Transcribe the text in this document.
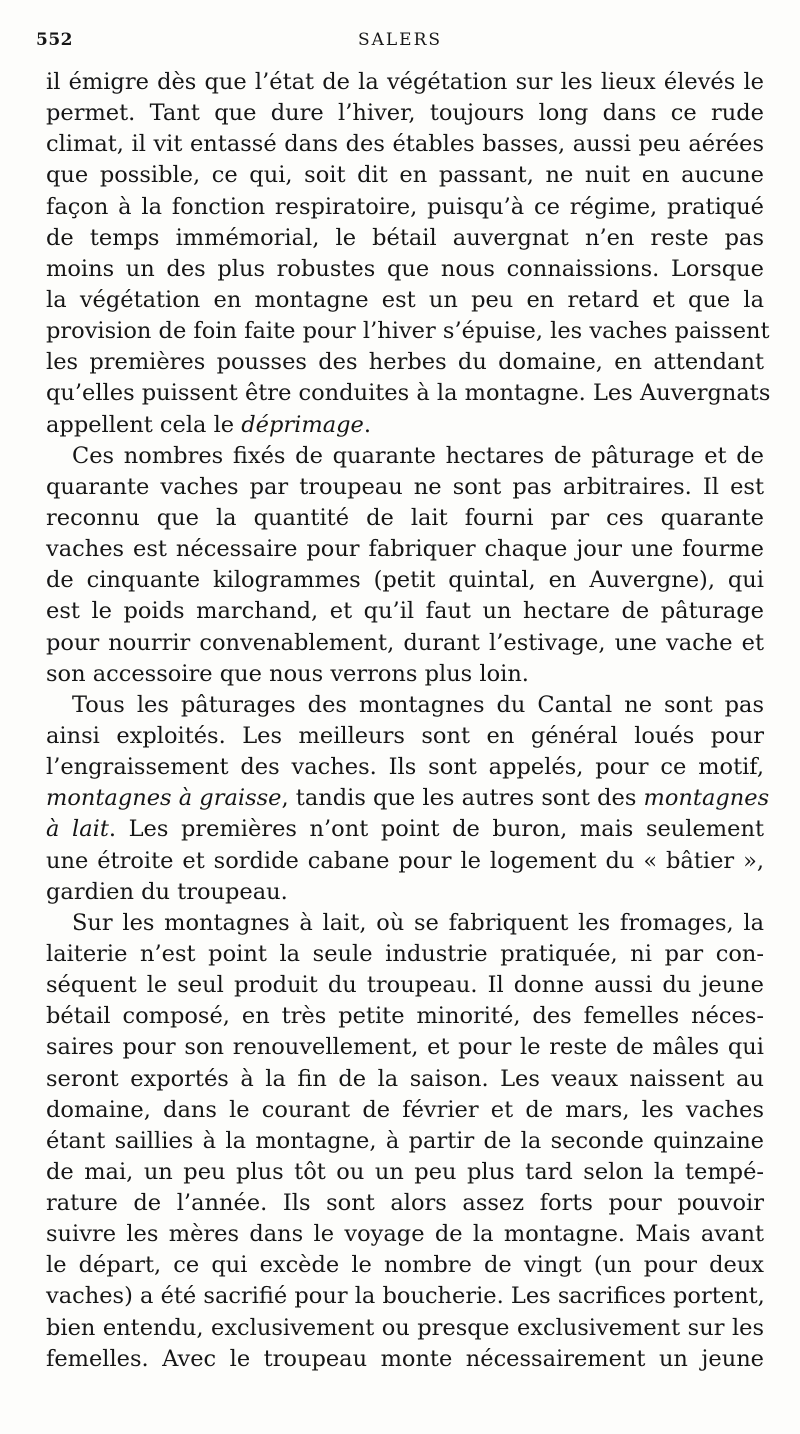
552	SALERS
il émigre dès que l’état de la végétation sur les lieux élevés le
permet. Tant que dure l’hiver, toujours long dans ce rude
climat, il vit entassé dans des étables basses, aussi peu aérées
que possible, ce qui, soit dit en passant, ne nuit en aucune
façon à la fonction respiratoire, puisqu’à ce régime, pratiqué
de temps immémorial, le bétail auvergnat n’en reste pas
moins un des plus robustes que nous connaissions. Lorsque
la végétation en montagne est un peu en retard et que la
provision de foin faite pour l’hiver s’épuise, les vaches paissent
les premières pousses des herbes du domaine, en attendant
qu’elles puissent être conduites à la montagne. Les Auvergnats
appellent cela le déprimage.
Ces nombres fixés de quarante hectares de pâturage et de
quarante vaches par troupeau ne sont pas arbitraires. Il est
reconnu que la quantité de lait fourni par ces quarante
vaches est nécessaire pour fabriquer chaque jour une fourme
de cinquante kilogrammes (petit quintal, en Auvergne), qui
est le poids marchand, et qu’il faut un hectare de pâturage
pour nourrir convenablement, durant l’estivage, une vache et
son accessoire que nous verrons plus loin.
Tous les pâturages des montagnes du Cantal ne sont pas
ainsi exploités. Les meilleurs sont en général loués pour
l’engraissement des vaches. Ils sont appelés, pour ce motif,
montagnes à graisse, tandis que les autres sont des montagnes
à lait. Les premières n’ont point de buron, mais seulement
une étroite et sordide cabane pour le logement du « bâtier »,
gardien du troupeau.
Sur les montagnes à lait, où se fabriquent les fromages, la
laiterie n’est point la seule industrie pratiquée, ni par con-
séquent le seul produit du troupeau. Il donne aussi du jeune
bétail composé, en très petite minorité, des femelles néces-
saires pour son renouvellement, et pour le reste de mâles qui
seront exportés à la fin de la saison. Les veaux naissent au
domaine, dans le courant de février et de mars, les vaches
étant saillies à la montagne, à partir de la seconde quinzaine
de mai, un peu plus tôt ou un peu plus tard selon la tempé-
rature de l’année. Ils sont alors assez forts pour pouvoir
suivre les mères dans le voyage de la montagne. Mais avant
le départ, ce qui excède le nombre de vingt (un pour deux
vaches) a été sacrifié pour la boucherie. Les sacrifices portent,
bien entendu, exclusivement ou presque exclusivement sur les
femelles. Avec le troupeau monte nécessairement un jeune
